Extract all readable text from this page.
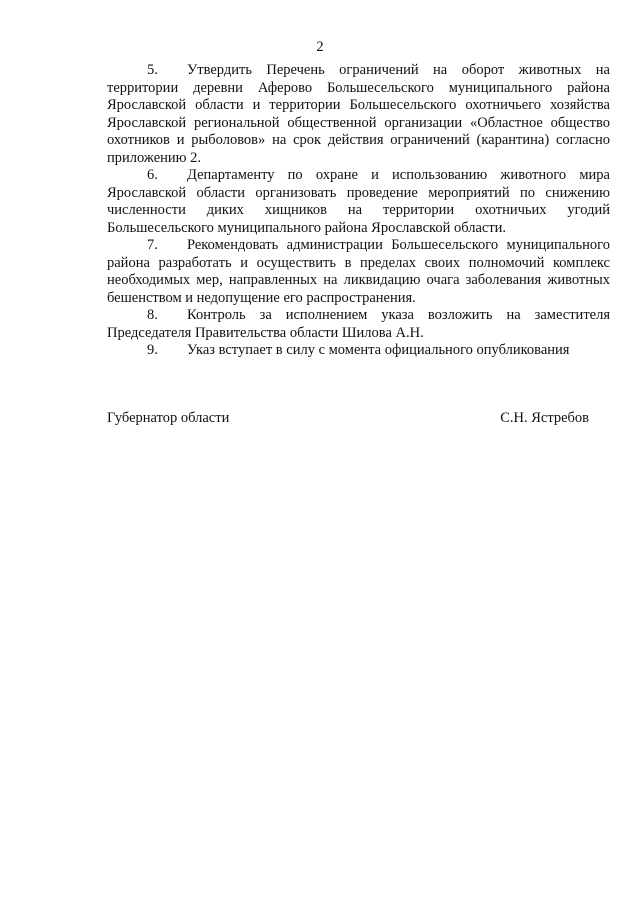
2

5. Утвердить Перечень ограничений на оборот животных на территории деревни Аферово Большесельского муниципального района Ярославской области и территории Большесельского охотничьего хозяйства Ярославской региональной общественной организации «Областное общество охотников и рыболовов» на срок действия ограничений (карантина) согласно приложению 2.

6. Департаменту по охране и использованию животного мира Ярославской области организовать проведение мероприятий по снижению численности диких хищников на территории охотничьих угодий Большесельского муниципального района Ярославской области.

7. Рекомендовать администрации Большесельского муниципального района разработать и осуществить в пределах своих полномочий комплекс необходимых мер, направленных на ликвидацию очага заболевания животных бешенством и недопущение его распространения.

8. Контроль за исполнением указа возложить на заместителя Председателя Правительства области Шилова А.Н.

9. Указ вступает в силу с момента официального опубликования

Губернатор области	С.Н. Ястребов
